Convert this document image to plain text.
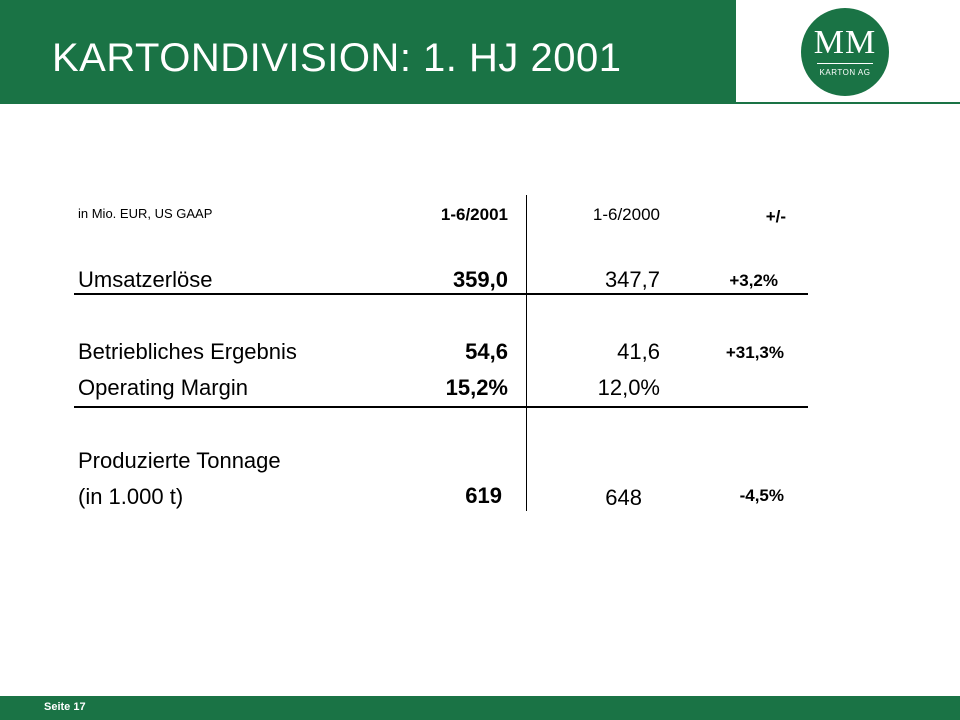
KARTONDIVISION: 1. HJ 2001	MM
KARTON AG
in Mio. EUR, US GAAP	1-6/2001	1-6/2000	+/-
Umsatzerlöse	359,0	347,7	+3,2%
Betriebliches Ergebnis	54,6	41,6	+31,3%
Operating Margin	15,2%	12,0%
Produzierte Tonnage
(in 1.000 t)	619	648	-4,5%
Seite 17
